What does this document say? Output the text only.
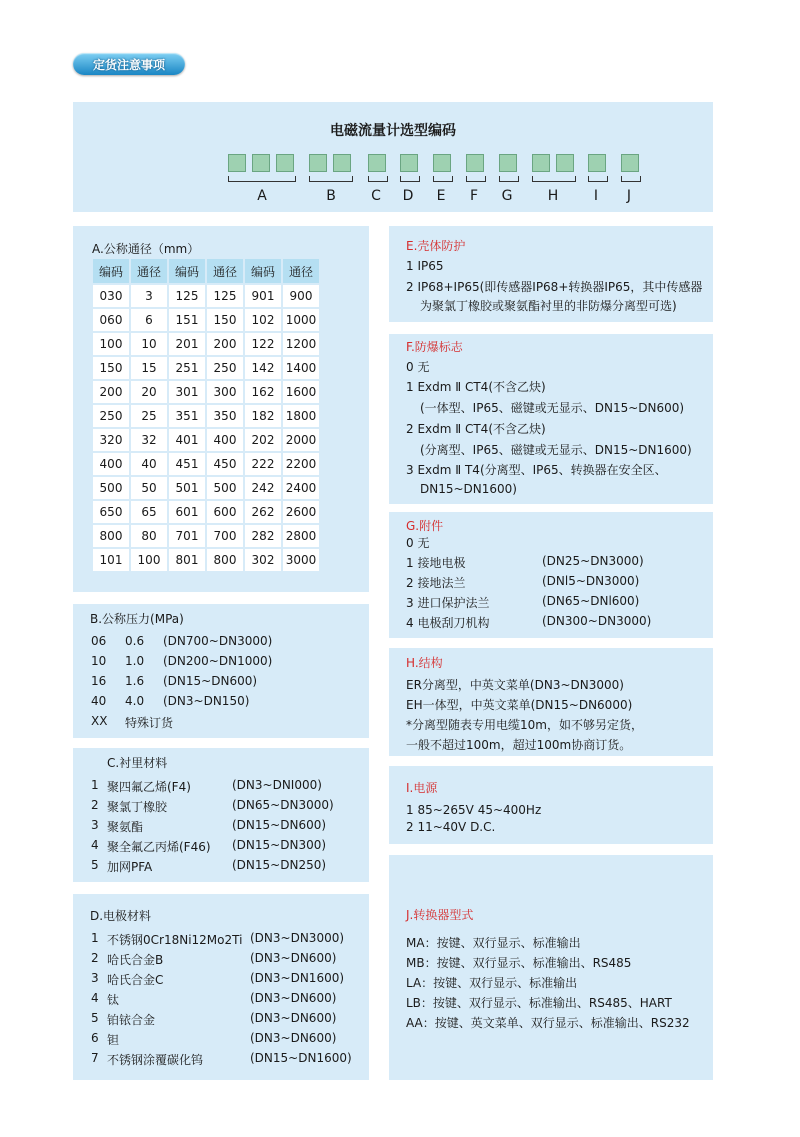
定货注意事项
电磁流量计选型编码
A	B	C	D	E	F	G	H	I	J
A.公称通径（mm）
编码	通径	编码	通径	编码	通径
030	3	125	125	901	900
060	6	151	150	102	1000
100	10	201	200	122	1200
150	15	251	250	142	1400
200	20	301	300	162	1600
250	25	351	350	182	1800
320	32	401	400	202	2000
400	40	451	450	222	2200
500	50	501	500	242	2400
650	65	601	600	262	2600
800	80	701	700	282	2800
101	100	801	800	302	3000
B.公称压力(MPa)
06 0.6 (DN700~DN3000)
10 1.0 (DN200~DN1000)
16 1.6 (DN15~DN600)
40 4.0 (DN3~DN150)
XX 特殊订货
C.衬里材料
1 聚四氟乙烯(F4)	(DN3~DNI000)
2 聚氯丁橡胶	(DN65~DN3000)
3 聚氨酯	(DN15~DN600)
4 聚全氟乙丙烯(F46) (DN15~DN300)
5 加网PFA	(DN15~DN250)
D.电极材料
1 不锈钢0Cr18Ni12Mo2Ti (DN3~DN3000)
2 哈氏合金B	(DN3~DN600)
3 哈氏合金C	(DN3~DN1600)
4 钛	(DN3~DN600)
5 铂铱合金	(DN3~DN600)
6 钽	(DN3~DN600)
7 不锈钢涂覆碳化钨	(DN15~DN1600)
E.壳体防护
1 IP65
2 IP68+IP65(即传感器IP68+转换器IP65，其中传感器
为聚氯丁橡胶或聚氨酯衬里的非防爆分离型可选)
F.防爆标志
0 无
1 Exdm Ⅱ CT4(不含乙炔)
(一体型、IP65、磁键或无显示、DN15~DN600)
2 Exdm Ⅱ CT4(不含乙炔)
(分离型、IP65、磁键或无显示、DN15~DN1600)
3 Exdm Ⅱ T4(分离型、IP65、转换器在安全区、
DN15~DN1600)
G.附件
0 无
1 接地电极	(DN25~DN3000)
2 接地法兰	(DNl5~DN3000)
3 进口保护法兰	(DN65~DNl600)
4 电极刮刀机构	(DN300~DN3000)
H.结构
ER分离型，中英文菜单(DN3~DN3000)
EH一体型，中英文菜单(DN15~DN6000)
*分离型随表专用电缆10m，如不够另定货，
一般不超过100m，超过100m协商订货。
I.电源
1 85~265V 45~400Hz
2 11~40V D.C.
J.转换器型式
MA：按键、双行显示、标准输出
MB：按键、双行显示、标准输出、RS485
LA：按键、双行显示、标准输出
LB：按键、双行显示、标准输出、RS485、HART
AA：按键、英文菜单、双行显示、标准输出、RS232
